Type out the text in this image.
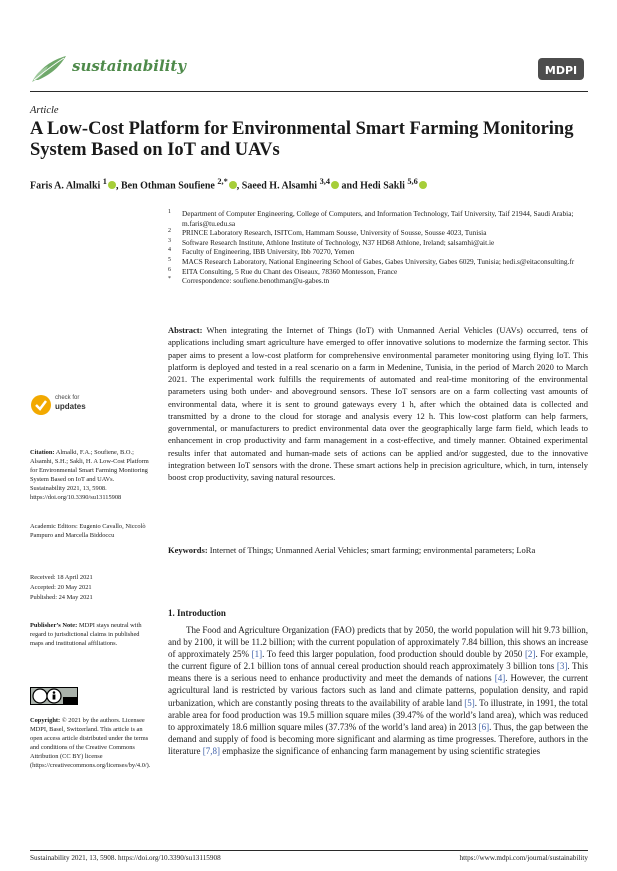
sustainability	MDPI
Article
A Low-Cost Platform for Environmental Smart Farming Monitoring System Based on IoT and UAVs
Faris A. Almalki $^1$ , Ben Othman Soufiene $^{2,*}$ , Saeed H. Alsamhi $^{3,4}$ and Hedi Sakli $^{5,6}$
1 Department of Computer Engineering, College of Computers, and Information Technology, Taif University, Taif 21944, Saudi Arabia; m.faris@tu.edu.sa
2 PRINCE Laboratory Research, ISITCom, Hammam Sousse, University of Sousse, Sousse 4023, Tunisia
3 Software Research Institute, Athlone Institute of Technology, N37 HD68 Athlone, Ireland; salsamhi@ait.ie
4 Faculty of Engineering, IBB University, Ibb 70270, Yemen
5 MACS Research Laboratory, National Engineering School of Gabes, Gabes University, Gabes 6029, Tunisia; hedi.s@eitaconsulting.fr
6 EITA Consulting, 5 Rue du Chant des Oiseaux, 78360 Montesson, France
* Correspondence: soufiene.benothman@u-gabes.tn
Abstract: When integrating the Internet of Things (IoT) with Unmanned Aerial Vehicles (UAVs) occurred, tens of applications including smart agriculture have emerged to offer innovative solutions to modernize the farming sector. This paper aims to present a low-cost platform for comprehensive environmental parameter monitoring using flying IoT. This platform is deployed and tested in a real scenario on a farm in Medenine, Tunisia, in the period of March 2020 to March 2021. The experimental work fulfills the requirements of automated and real-time monitoring of the environmental parameters using both under- and aboveground sensors. These IoT sensors are on a farm collecting vast amounts of environmental data, where it is sent to ground gateways every 1 h, after which the obtained data is collected and transmitted by a drone to the cloud for storage and analysis every 12 h. This low-cost platform can help farmers, governmental, or manufacturers to predict environmental data over the geographically large farm field, which leads to enhancement in crop productivity and farm management in a cost-effective, and timely manner. Obtained experimental results infer that automated and human-made sets of actions can be applied and/or suggested, due to the innovative integration between IoT sensors with the drone. These smart actions help in precision agriculture, which, in turn, intensely boost crop productivity, saving natural resources.
Keywords: Internet of Things; Unmanned Aerial Vehicles; smart farming; environmental parameters; LoRa
1. Introduction
The Food and Agriculture Organization (FAO) predicts that by 2050, the world population will hit 9.73 billion, and by 2100, it will be 11.2 billion; with the current population of approximately 7.84 billion, this shows an increase of approximately 25% [1]. To feed this larger population, food production should double by 2050 [2]. For example, the current figure of 2.1 billion tons of annual cereal production should reach approximately 3 billion tons [3]. This means there is a serious need to enhance productivity and meet the demands of nations [4]. However, the current agricultural land is restricted by various factors such as land and climate patterns, population density, and rapid urbanization, which are constantly posing threats to the availability of arable land [5]. To illustrate, in 1991, the total arable area for food production was 19.5 million square miles (39.47% of the world’s land area), which was reduced to approximately 18.6 million square miles (37.73% of the world’s land area) in 2013 [6]. Thus, the gap between the demand and supply of food is becoming more significant and alarming as time progresses. Therefore, authors in the literature [7,8] emphasize the significance of enhancing farm management by using scientific strategies
check for
updates
Citation: Almalki, F.A.; Soufiene, B.O.; Alsamhi, S.H.; Sakli, H. A Low-Cost Platform for Environmental Smart Farming Monitoring System Based on IoT and UAVs. Sustainability 2021, 13, 5908. https://doi.org/10.3390/su13115908
Academic Editors: Eugenio Cavallo, Niccolò Pampuro and Marcella Biddoccu
Received: 18 April 2021
Accepted: 20 May 2021
Published: 24 May 2021
Publisher’s Note: MDPI stays neutral with regard to jurisdictional claims in published maps and institutional affiliations.
Copyright: © 2021 by the authors. Licensee MDPI, Basel, Switzerland. This article is an open access article distributed under the terms and conditions of the Creative Commons Attribution (CC BY) license (https://creativecommons.org/licenses/by/4.0/).
Sustainability 2021, 13, 5908. https://doi.org/10.3390/su13115908	https://www.mdpi.com/journal/sustainability
